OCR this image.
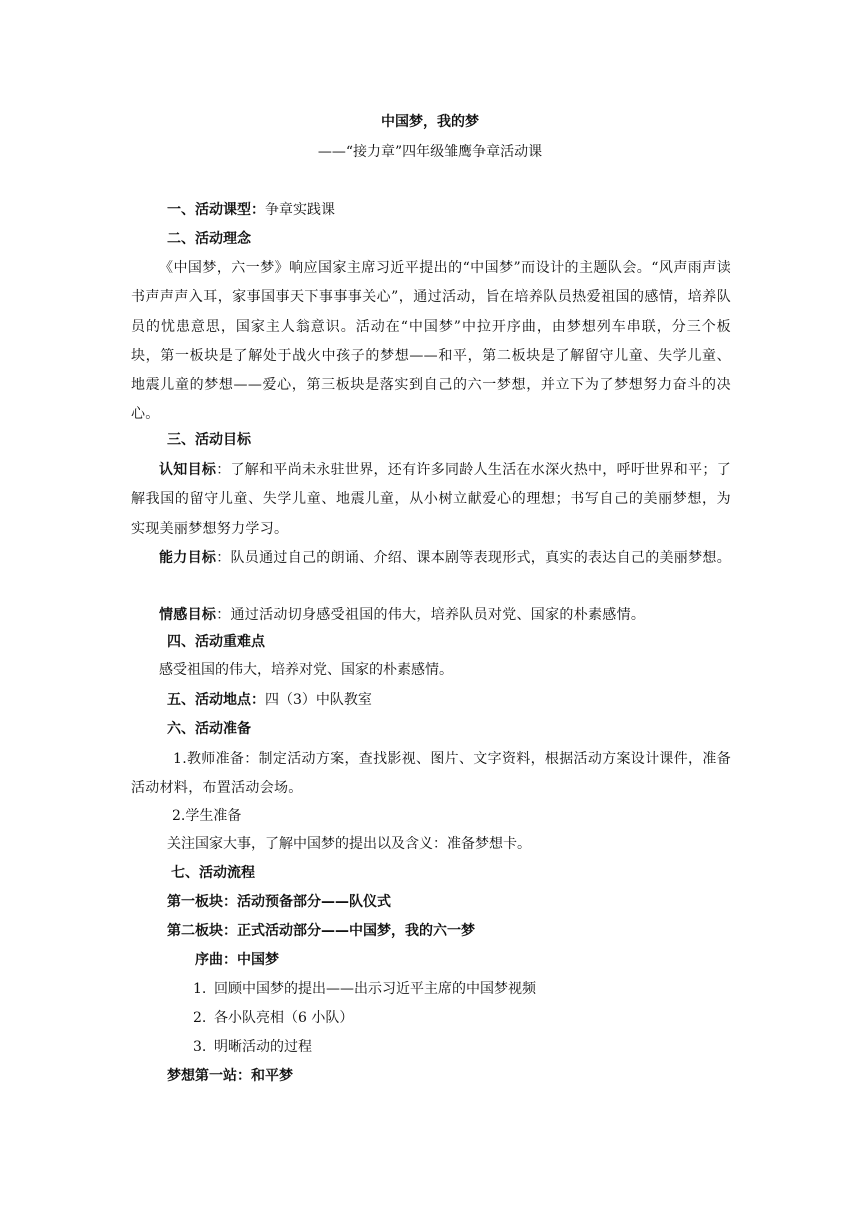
中国梦，我的梦
——“接力章”四年级雏鹰争章活动课
一、活动课型：争章实践课
二、活动理念
《中国梦，六一梦》响应国家主席习近平提出的“中国梦”而设计的主题队会。“风声雨声读书声声声入耳，家事国事天下事事事关心”，通过活动，旨在培养队员热爱祖国的感情，培养队员的忧患意思，国家主人翁意识。活动在“中国梦”中拉开序曲，由梦想列车串联，分三个板块，第一板块是了解处于战火中孩子的梦想——和平，第二板块是了解留守儿童、失学儿童、地震儿童的梦想——爱心，第三板块是落实到自己的六一梦想，并立下为了梦想努力奋斗的决心。
三、活动目标
认知目标：了解和平尚未永驻世界，还有许多同龄人生活在水深火热中，呼吁世界和平；了解我国的留守儿童、失学儿童、地震儿童，从小树立献爱心的理想；书写自己的美丽梦想，为实现美丽梦想努力学习。
能力目标：队员通过自己的朗诵、介绍、课本剧等表现形式，真实的表达自己的美丽梦想。
情感目标：通过活动切身感受祖国的伟大，培养队员对党、国家的朴素感情。
四、活动重难点
感受祖国的伟大，培养对党、国家的朴素感情。
五、活动地点：四（3）中队教室
六、活动准备
1.教师准备：制定活动方案，查找影视、图片、文字资料，根据活动方案设计课件，准备活动材料，布置活动会场。
2.学生准备
关注国家大事，了解中国梦的提出以及含义：准备梦想卡。
七、活动流程
第一板块：活动预备部分——队仪式
第二板块：正式活动部分——中国梦，我的六一梦
序曲：中国梦
1. 回顾中国梦的提出——出示习近平主席的中国梦视频
2. 各小队亮相（6 小队）
3. 明晰活动的过程
梦想第一站：和平梦
